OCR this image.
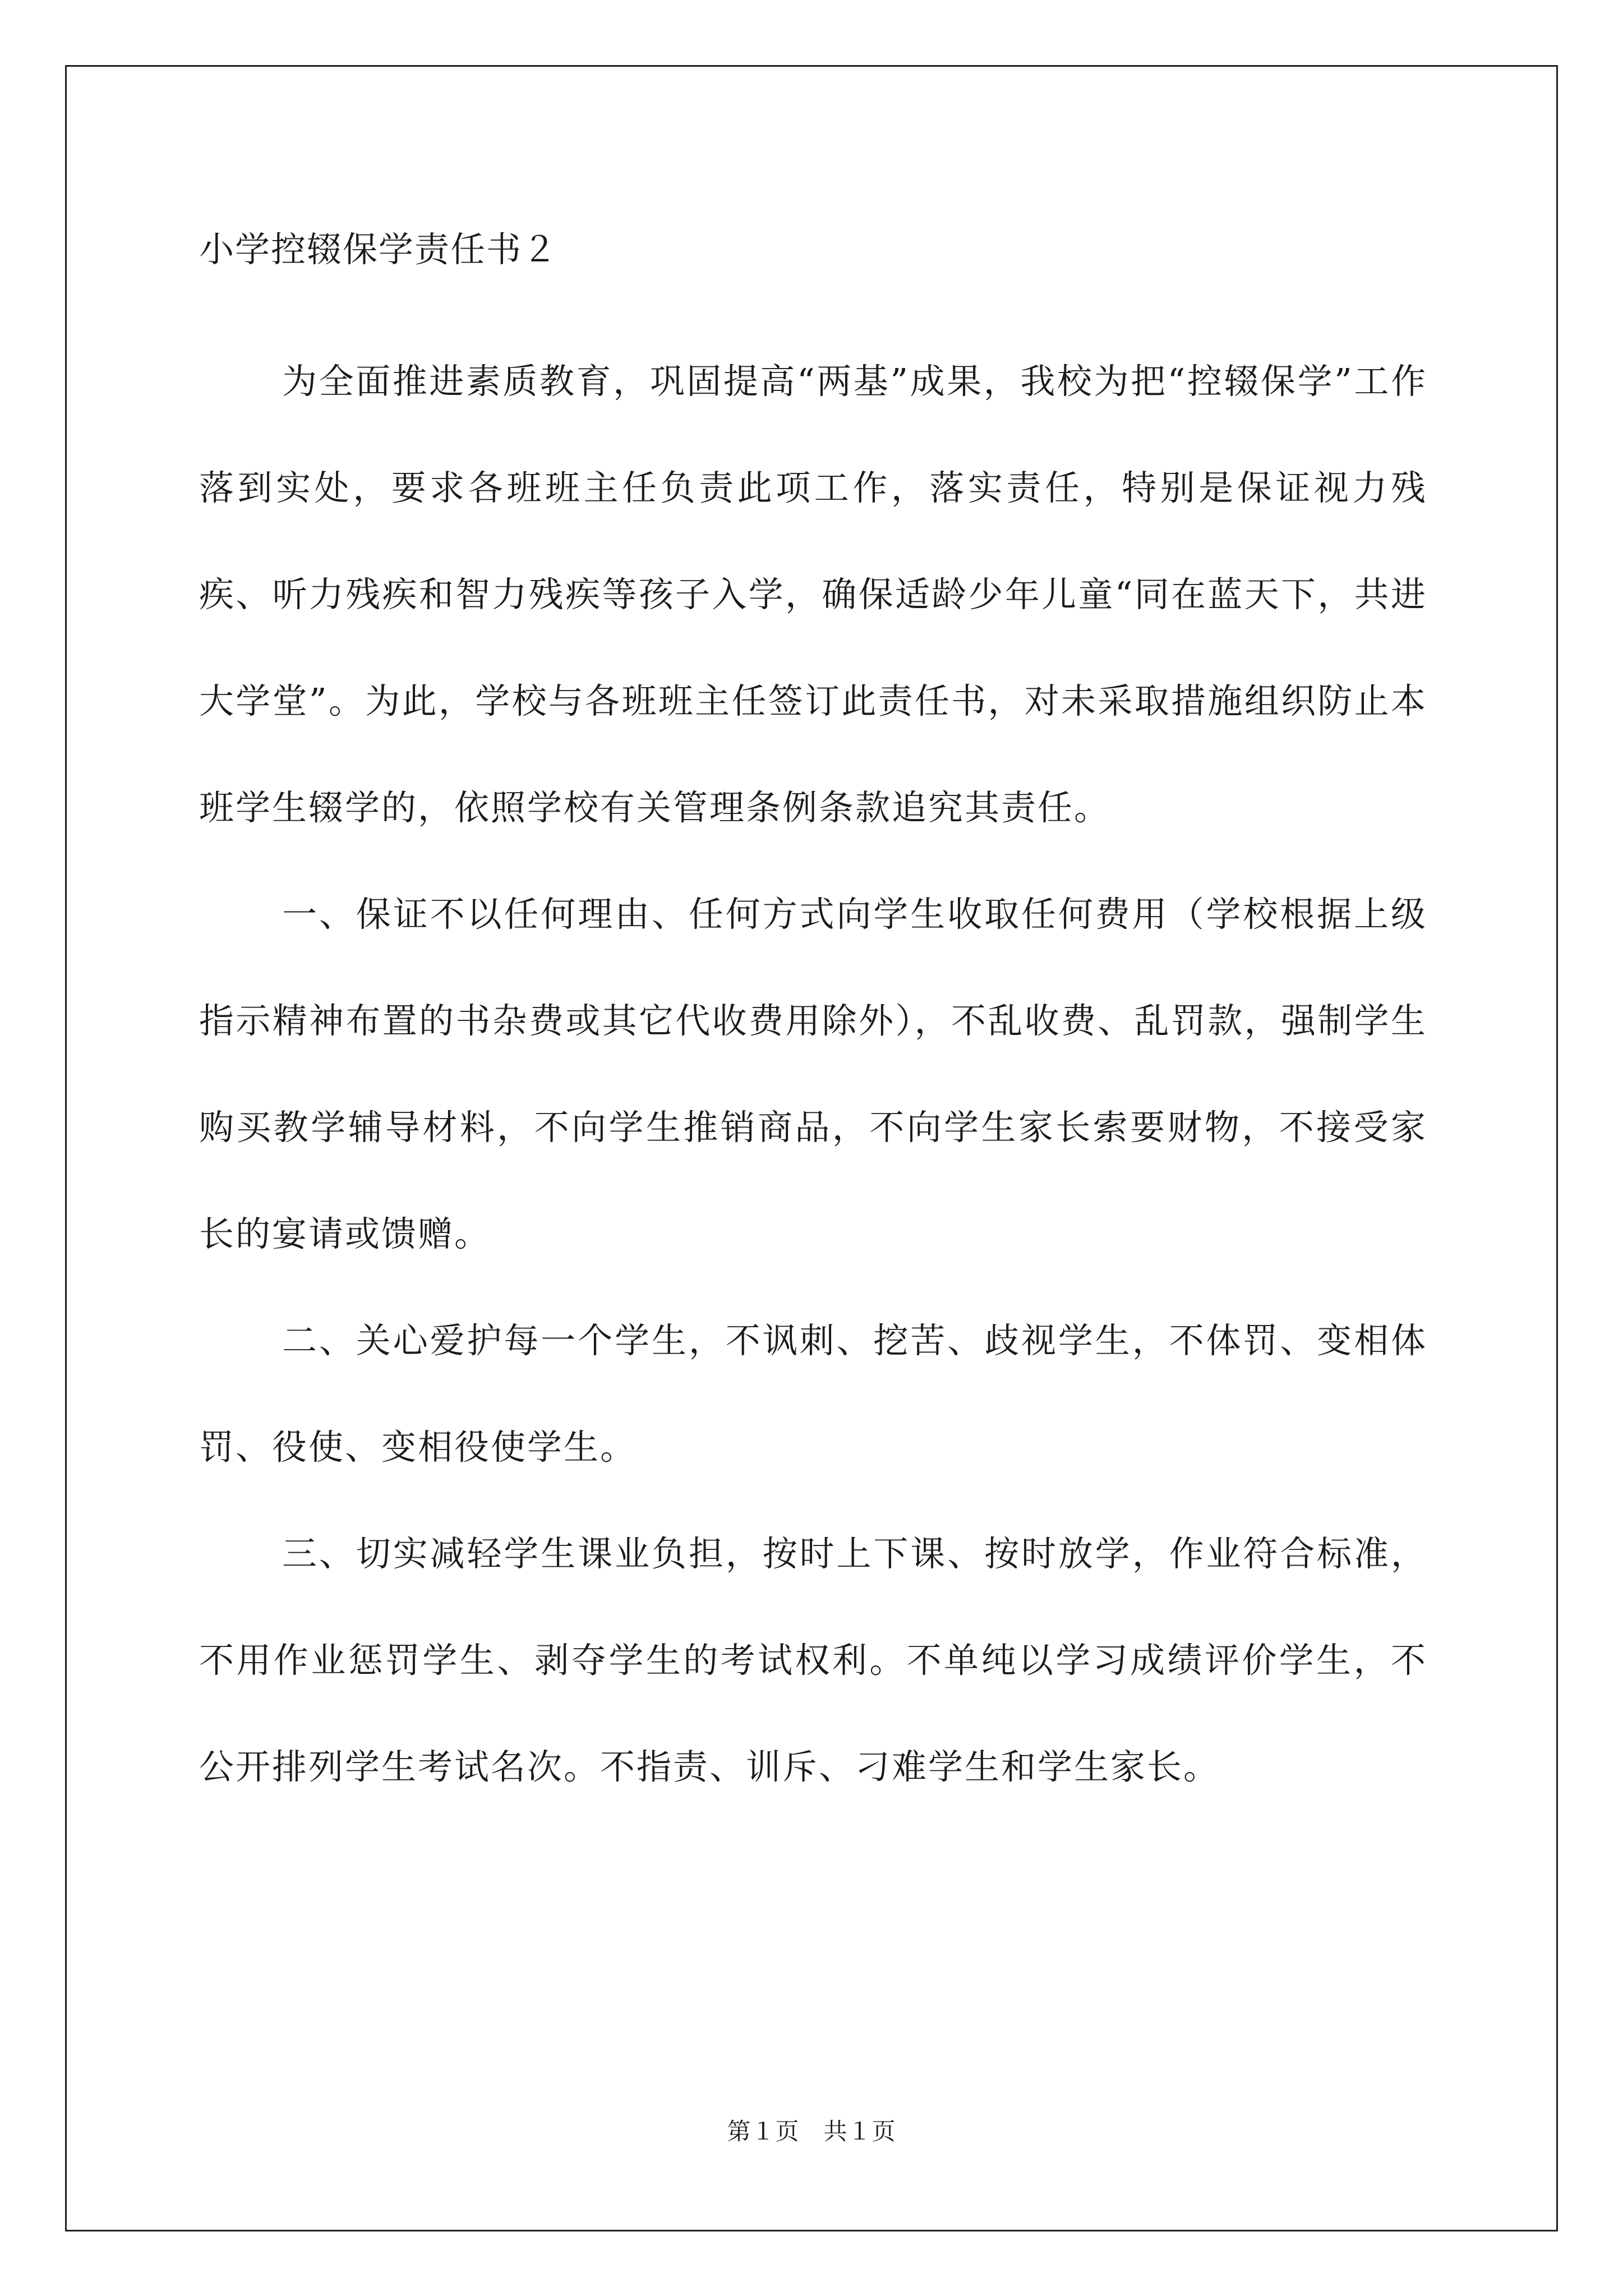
小学控辍保学责任书２

为全面推进素质教育，巩固提高“两基”成果，我校为把“控辍保学”工作落到实处，要求各班班主任负责此项工作，落实责任，特别是保证视力残疾、听力残疾和智力残疾等孩子入学，确保适龄少年儿童“同在蓝天下，共进大学堂”。为此，学校与各班班主任签订此责任书，对未采取措施组织防止本班学生辍学的，依照学校有关管理条例条款追究其责任。

一、保证不以任何理由、任何方式向学生收取任何费用（学校根据上级指示精神布置的书杂费或其它代收费用除外），不乱收费、乱罚款，强制学生购买教学辅导材料，不向学生推销商品，不向学生家长索要财物，不接受家长的宴请或馈赠。

二、关心爱护每一个学生，不讽刺、挖苦、歧视学生，不体罚、变相体罚、役使、变相役使学生。

三、切实减轻学生课业负担，按时上下课、按时放学，作业符合标准，不用作业惩罚学生、剥夺学生的考试权利。不单纯以学习成绩评价学生，不公开排列学生考试名次。不指责、训斥、刁难学生和学生家长。

第１页　共１页
